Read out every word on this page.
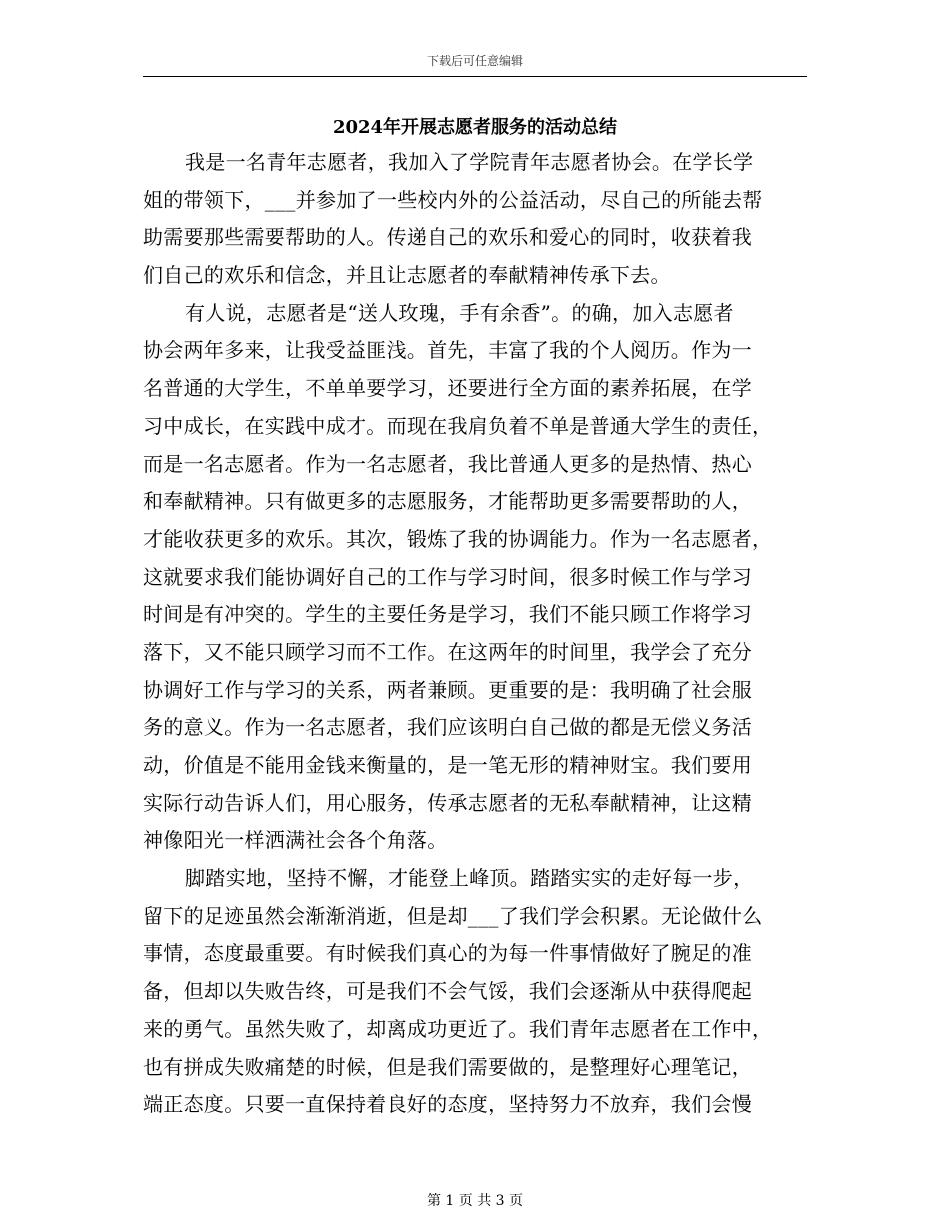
下载后可任意编辑
2024年开展志愿者服务的活动总结
我是一名青年志愿者，我加入了学院青年志愿者协会。在学长学
姐的带领下，___并参加了一些校内外的公益活动，尽自己的所能去帮
助需要那些需要帮助的人。传递自己的欢乐和爱心的同时，收获着我
们自己的欢乐和信念，并且让志愿者的奉献精神传承下去。
有人说，志愿者是“送人玫瑰，手有余香”。的确，加入志愿者
协会两年多来，让我受益匪浅。首先，丰富了我的个人阅历。作为一
名普通的大学生，不单单要学习，还要进行全方面的素养拓展，在学
习中成长，在实践中成才。而现在我肩负着不单是普通大学生的责任，
而是一名志愿者。作为一名志愿者，我比普通人更多的是热情、热心
和奉献精神。只有做更多的志愿服务，才能帮助更多需要帮助的人，
才能收获更多的欢乐。其次，锻炼了我的协调能力。作为一名志愿者，
这就要求我们能协调好自己的工作与学习时间，很多时候工作与学习
时间是有冲突的。学生的主要任务是学习，我们不能只顾工作将学习
落下，又不能只顾学习而不工作。在这两年的时间里，我学会了充分
协调好工作与学习的关系，两者兼顾。更重要的是：我明确了社会服
务的意义。作为一名志愿者，我们应该明白自己做的都是无偿义务活
动，价值是不能用金钱来衡量的，是一笔无形的精神财宝。我们要用
实际行动告诉人们，用心服务，传承志愿者的无私奉献精神，让这精
神像阳光一样洒满社会各个角落。
脚踏实地，坚持不懈，才能登上峰顶。踏踏实实的走好每一步，
留下的足迹虽然会渐渐消逝，但是却___了我们学会积累。无论做什么
事情，态度最重要。有时候我们真心的为每一件事情做好了腕足的准
备，但却以失败告终，可是我们不会气馁，我们会逐渐从中获得爬起
来的勇气。虽然失败了，却离成功更近了。我们青年志愿者在工作中，
也有拼成失败痛楚的时候，但是我们需要做的，是整理好心理笔记，
端正态度。只要一直保持着良好的态度，坚持努力不放弃，我们会慢
第 1 页 共 3 页
